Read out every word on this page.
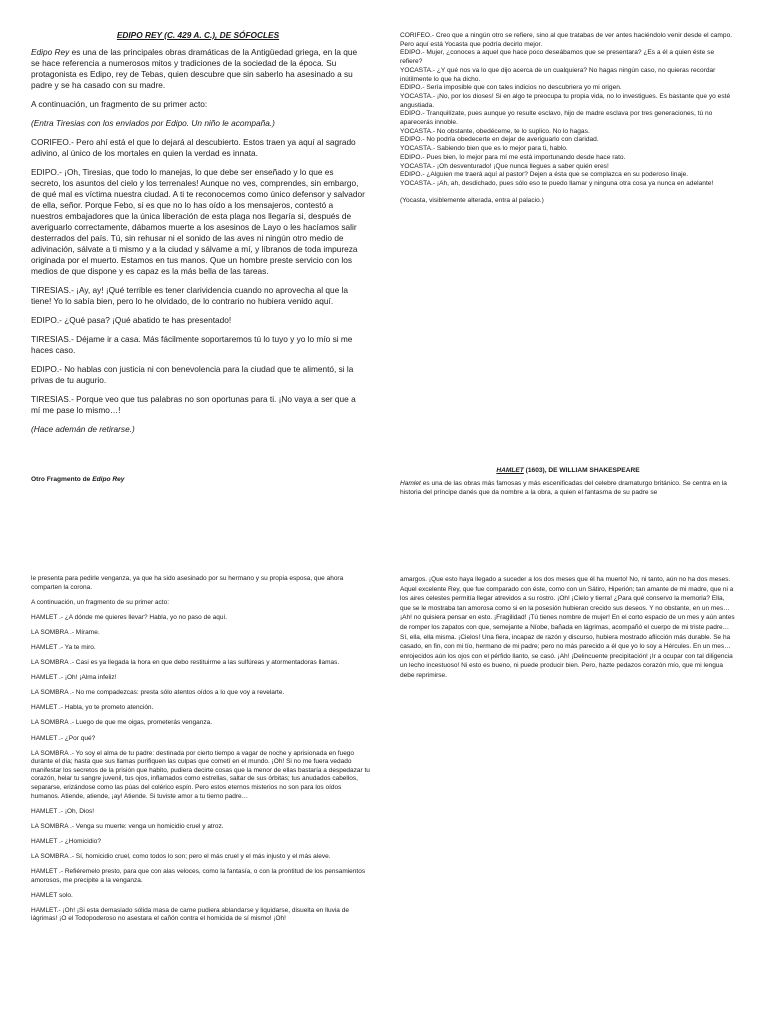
EDIPO REY (C. 429 A. C.), DE SÓFOCLES

Edipo Rey es una de las principales obras dramáticas de la Antigüedad griega, en la que se hace referencia a numerosos mitos y tradiciones de la sociedad de la época. Su protagonista es Edipo, rey de Tebas, quien descubre que sin saberlo ha asesinado a su padre y se ha casado con su madre.

A continuación, un fragmento de su primer acto:

(Entra Tiresias con los enviados por Edipo. Un niño le acompaña.)

CORIFEO.- Pero ahí está el que lo dejará al descubierto. Estos traen ya aquí al sagrado adivino, al único de los mortales en quien la verdad es innata.

EDIPO.- ¡Oh, Tiresias, que todo lo manejas, lo que debe ser enseñado y lo que es secreto, los asuntos del cielo y los terrenales! Aunque no ves, comprendes, sin embargo, de qué mal es víctima nuestra ciudad. A ti te reconocemos como único defensor y salvador de ella, señor. Porque Febo, si es que no lo has oído a los mensajeros, contestó a nuestros embajadores que la única liberación de esta plaga nos llegaría si, después de averiguarlo correctamente, dábamos muerte a los asesinos de Layo o les hacíamos salir desterrados del país. Tú, sin rehusar ni el sonido de las aves ni ningún otro medio de adivinación, sálvate a ti mismo y a la ciudad y sálvame a mí, y líbranos de toda impureza originada por el muerto. Estamos en tus manos. Que un hombre preste servicio con los medios de que dispone y es capaz es la más bella de las tareas.

TIRESIAS.- ¡Ay, ay! ¡Qué terrible es tener clarividencia cuando no aprovecha al que la tiene! Yo lo sabía bien, pero lo he olvidado, de lo contrario no hubiera venido aquí.

EDIPO.- ¿Qué pasa? ¡Qué abatido te has presentado!

TIRESIAS.- Déjame ir a casa. Más fácilmente soportaremos tú lo tuyo y yo lo mío si me haces caso.

EDIPO.- No hablas con justicia ni con benevolencia para la ciudad que te alimentó, si la privas de tu augurio.

TIRESIAS.- Porque veo que tus palabras no son oportunas para ti. ¡No vaya a ser que a mí me pase lo mismo…!

(Hace ademán de retirarse.)

CORIFEO.- Creo que a ningún otro se refiere, sino al que tratabas de ver antes haciéndolo venir desde el campo. Pero aquí está Yocasta que podría decirlo mejor.

EDIPO.- Mujer, ¿conoces a aquel que hace poco deseábamos que se presentara? ¿Es a él a quien éste se refiere?

YOCASTA.- ¿Y qué nos va lo que dijo acerca de un cualquiera? No hagas ningún caso, no quieras recordar inútilmente lo que ha dicho.

EDIPO.- Sería imposible que con tales indicios no descubriera yo mi origen.

YOCASTA.- ¡No, por los dioses! Si en algo te preocupa tu propia vida, no lo investigues. Es bastante que yo esté angustiada.

EDIPO.- Tranquilízate, pues aunque yo resulte esclavo, hijo de madre esclava por tres generaciones, tú no aparecerás innoble.

YOCASTA.- No obstante, obedéceme, te lo suplico. No lo hagas.

EDIPO.- No podría obedecerte en dejar de averiguarlo con claridad.

YOCASTA.- Sabiendo bien que es lo mejor para ti, hablo.

EDIPO.- Pues bien, lo mejor para mí me está importunando desde hace rato.

YOCASTA.- ¡Oh desventurado! ¡Que nunca llegues a saber quién eres!

EDIPO.- ¿Alguien me traerá aquí al pastor? Dejen a ésta que se complazca en su poderoso linaje.

YOCASTA.- ¡Ah, ah, desdichado, pues sólo eso te puedo llamar y ninguna otra cosa ya nunca en adelante!

(Yocasta, visiblemente alterada, entra al palacio.)

Otro Fragmento de Edipo Rey

HAMLET (1603), DE WILLIAM SHAKESPEARE

Hamlet es una de las obras más famosas y más escenificadas del celebre dramaturgo británico. Se centra en la historia del príncipe danés que da nombre a la obra, a quien el fantasma de su padre se

le presenta para pedirle venganza, ya que ha sido asesinado por su hermano y su propia esposa, que ahora comparten la corona.

A continuación, un fragmento de su primer acto:

HAMLET .- ¿A dónde me quieres llevar? Habla, yo no paso de aquí.

LA SOMBRA .- Mírame.

HAMLET .- Ya te miro.

LA SOMBRA .- Casi es ya llegada la hora en que debo restituirme a las sulfúreas y atormentadoras llamas.

HAMLET .- ¡Oh! ¡Alma infeliz!

LA SOMBRA .- No me compadezcas: presta sólo atentos oídos a lo que voy a revelarte.

HAMLET .- Habla, yo te prometo atención.

LA SOMBRA .- Luego de que me oigas, prometerás venganza.

HAMLET .- ¿Por qué?

LA SOMBRA .- Yo soy el alma de tu padre: destinada por cierto tiempo a vagar de noche y aprisionada en fuego durante el día; hasta que sus llamas purifiquen las culpas que cometí en el mundo. ¡Oh! Si no me fuera vedado manifestar los secretos de la prisión que habito, pudiera decirte cosas que la menor de ellas bastaría a despedazar tu corazón, helar tu sangre juvenil, tus ojos, inflamados como estrellas, saltar de sus órbitas; tus anudados cabellos, separarse, erizándose como las púas del colérico espín. Pero estos eternos misterios no son para los oídos humanos. Atiende, atiende, ¡ay! Atiende. Si tuviste amor a tu tierno padre…

HAMLET .- ¡Oh, Dios!

LA SOMBRA .- Venga su muerte: venga un homicidio cruel y atroz.

HAMLET .- ¿Homicidio?

LA SOMBRA .- Sí, homicidio cruel, como todos lo son; pero el más cruel y el más injusto y el más aleve.

HAMLET .- Refiéremelo presto, para que con alas veloces, como la fantasía, o con la prontitud de los pensamientos amorosos, me precipite a la venganza.

HAMLET solo.

HAMLET.- ¡Oh! ¡Si esta demasiado sólida masa de carne pudiera ablandarse y liquidarse, disuelta en lluvia de lágrimas! ¡O el Todopoderoso no asestara el cañón contra el homicida de sí mismo! ¡Oh!

amargos. ¡Que esto haya llegado a suceder a los dos meses que él ha muerto! No, ni tanto, aún no ha dos meses. Aquel excelente Rey, que fue comparado con éste, como con un Sátiro, Hiperión; tan amante de mi madre, que ni a los aires celestes permitía llegar atrevidos a su rostro. ¡Oh! ¡Cielo y tierra! ¿Para qué conservo la memoria? Ella, que se le mostraba tan amorosa como si en la posesión hubieran crecido sus deseos. Y no obstante, en un mes… ¡Ah! no quisiera pensar en esto. ¡Fragilidad! ¡Tú tienes nombre de mujer! En el corto espacio de un mes y aún antes de romper los zapatos con que, semejante a Níobe, bañada en lágrimas, acompañó el cuerpo de mi triste padre… Sí, ella, ella misma. ¡Cielos! Una fiera, incapaz de razón y discurso, hubiera mostrado aflicción más durable. Se ha casado, en fin, con mi tío, hermano de mi padre; pero no más parecido a él que yo lo soy a Hércules. En un mes… enrojecidos aún los ojos con el pérfido llanto, se casó. ¡Ah! ¡Delincuente precipitación! ¡Ir a ocupar con tal diligencia un lecho incestuoso! Ni esto es bueno, ni puede producir bien. Pero, hazte pedazos corazón mío, que mi lengua debe reprimirse.
